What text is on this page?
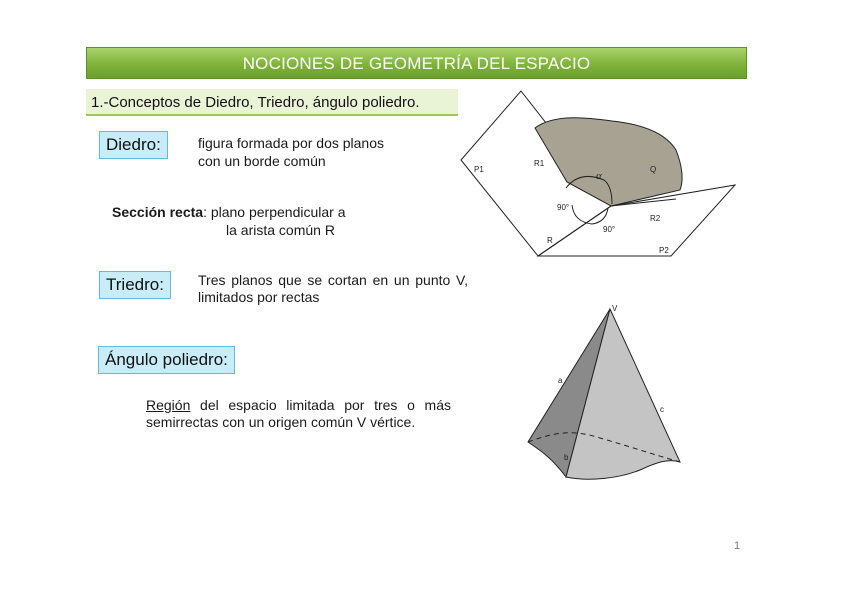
NOCIONES DE GEOMETRÍA DEL ESPACIO
1.-Conceptos de Diedro, Triedro, ángulo poliedro.
Diedro:	figura formada por dos planos
con un borde común
Sección recta: plano perpendicular a
la arista común R
Triedro:	Tres planos que se cortan en un punto V, limitados por rectas
Ángulo poliedro:
Región del espacio limitada por tres o más semirrectas con un origen común V vértice.
P1
R1
α
Q
90°
90°
R2
R
P2
V
a
b
c
1
